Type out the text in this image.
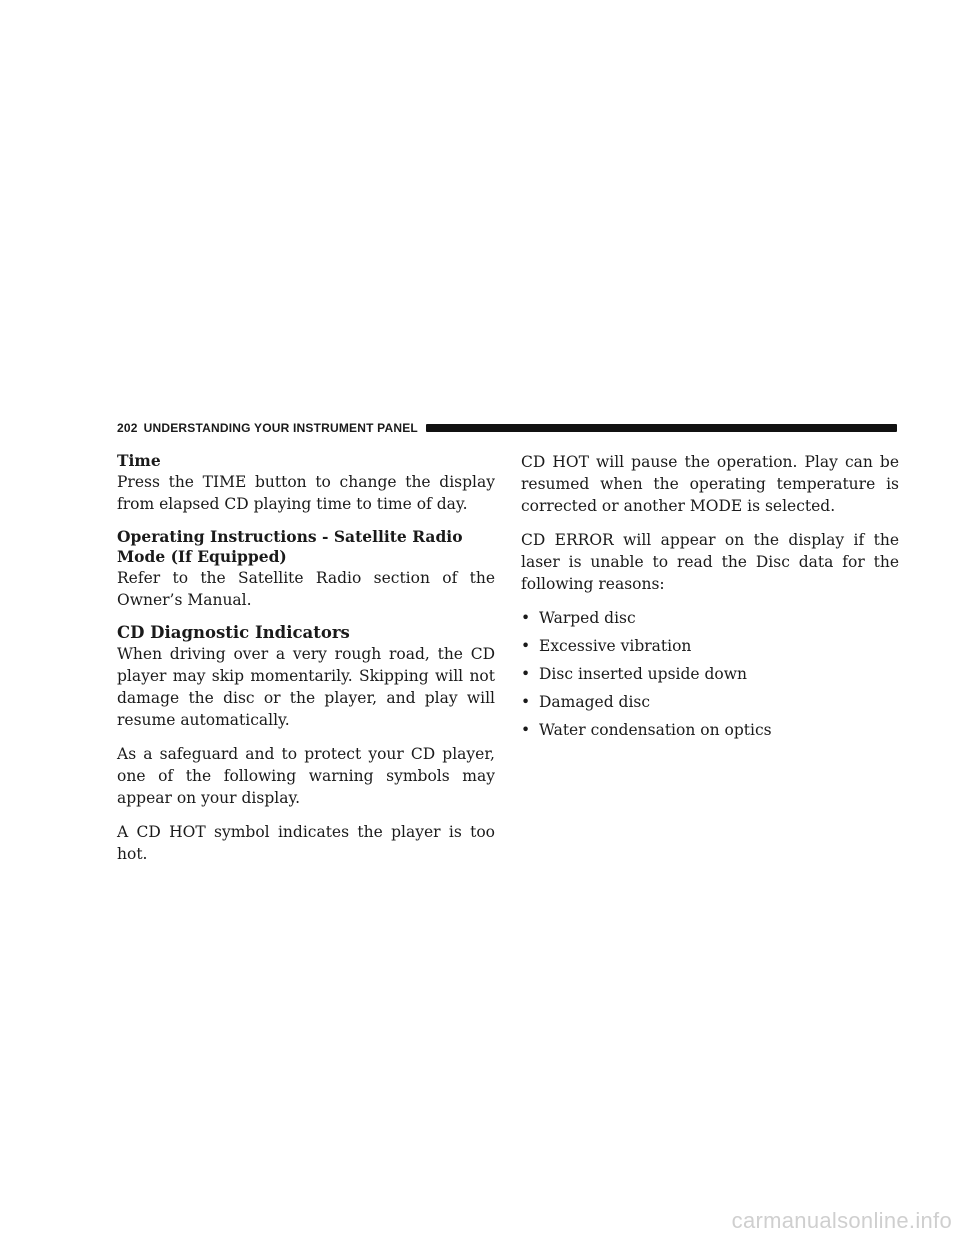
202 UNDERSTANDING YOUR INSTRUMENT PANEL
Time

Press the TIME button to change the display from elapsed CD playing time to time of day.

Operating Instructions - Satellite Radio Mode (If Equipped)

Refer to the Satellite Radio section of the Owner’s Manual.

CD Diagnostic Indicators

When driving over a very rough road, the CD player may skip momentarily. Skipping will not damage the disc or the player, and play will resume automatically.

As a safeguard and to protect your CD player, one of the following warning symbols may appear on your display.

A CD HOT symbol indicates the player is too hot.

CD HOT will pause the operation. Play can be resumed when the operating temperature is corrected or another MODE is selected.

CD ERROR will appear on the display if the laser is unable to read the Disc data for the following reasons:

• Warped disc
• Excessive vibration
• Disc inserted upside down
• Damaged disc
• Water condensation on optics
carmanualsonline.info
